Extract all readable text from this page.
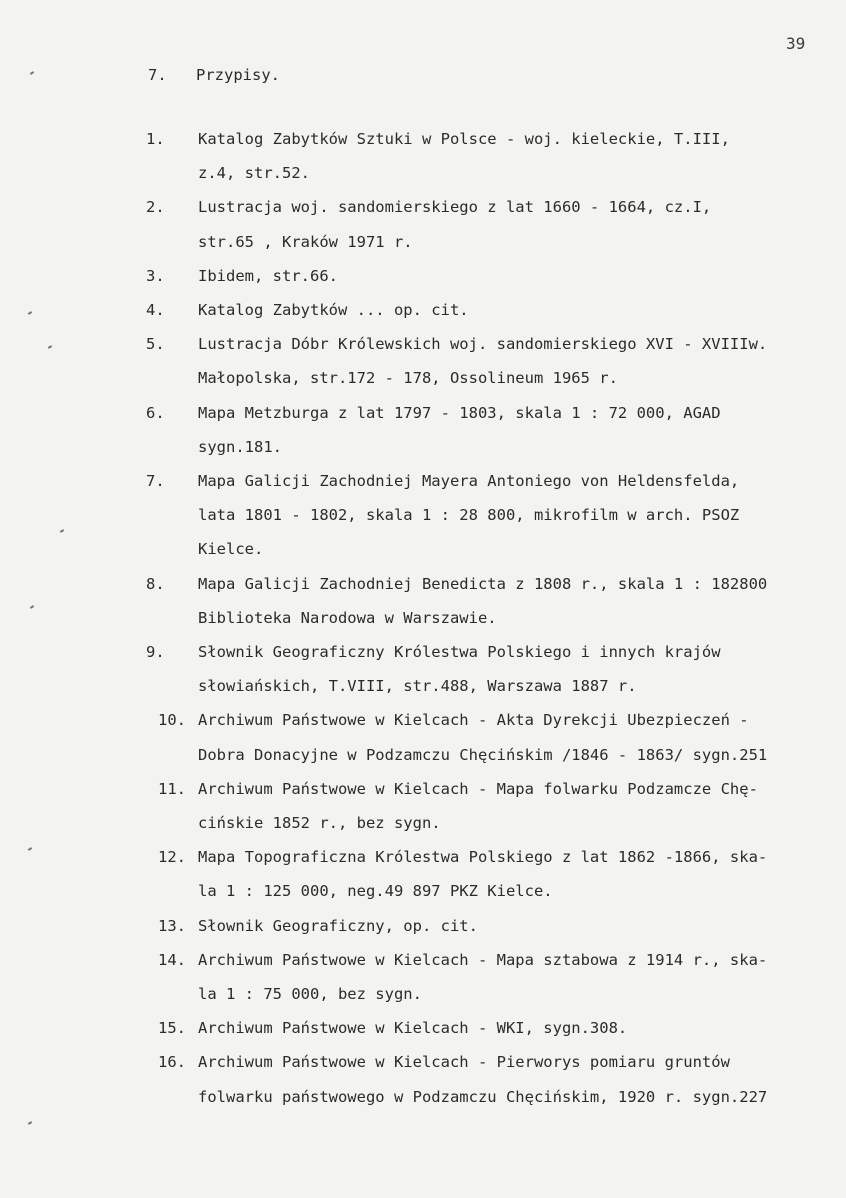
39
7.	Przypisy.
1.	Katalog Zabytków Sztuki w Polsce - woj. kieleckie, T.III,
z.4, str.52.
2.	Lustracja woj. sandomierskiego z lat 1660 - 1664, cz.I,
str.65 , Kraków 1971 r.
3.	Ibidem, str.66.
4.	Katalog Zabytków ... op. cit.
5.	Lustracja Dóbr Królewskich woj. sandomierskiego XVI - XVIIIw.
Małopolska, str.172 - 178, Ossolineum 1965 r.
6.	Mapa Metzburga z lat 1797 - 1803, skala 1 : 72 000, AGAD
sygn.181.
7.	Mapa Galicji Zachodniej Mayera Antoniego von Heldensfelda,
lata 1801 - 1802, skala 1 : 28 800, mikrofilm w arch. PSOZ
Kielce.
8.	Mapa Galicji Zachodniej Benedicta z 1808 r., skala 1 : 182800
Biblioteka Narodowa w Warszawie.
9.	Słownik Geograficzny Królestwa Polskiego i innych krajów
słowiańskich, T.VIII, str.488, Warszawa 1887 r.
10. Archiwum Państwowe w Kielcach - Akta Dyrekcji Ubezpieczeń -
Dobra Donacyjne w Podzamczu Chęcińskim /1846 - 1863/ sygn.251
11. Archiwum Państwowe w Kielcach - Mapa folwarku Podzamcze Chę-
cińskie 1852 r., bez sygn.
12. Mapa Topograficzna Królestwa Polskiego z lat 1862 -1866, ska-
la 1 : 125 000, neg.49 897 PKZ Kielce.
13. Słownik Geograficzny, op. cit.
14. Archiwum Państwowe w Kielcach - Mapa sztabowa z 1914 r., ska-
la 1 : 75 000, bez sygn.
15. Archiwum Państwowe w Kielcach - WKI, sygn.308.
16. Archiwum Państwowe w Kielcach - Pierworys pomiaru gruntów
folwarku państwowego w Podzamczu Chęcińskim, 1920 r. sygn.227
